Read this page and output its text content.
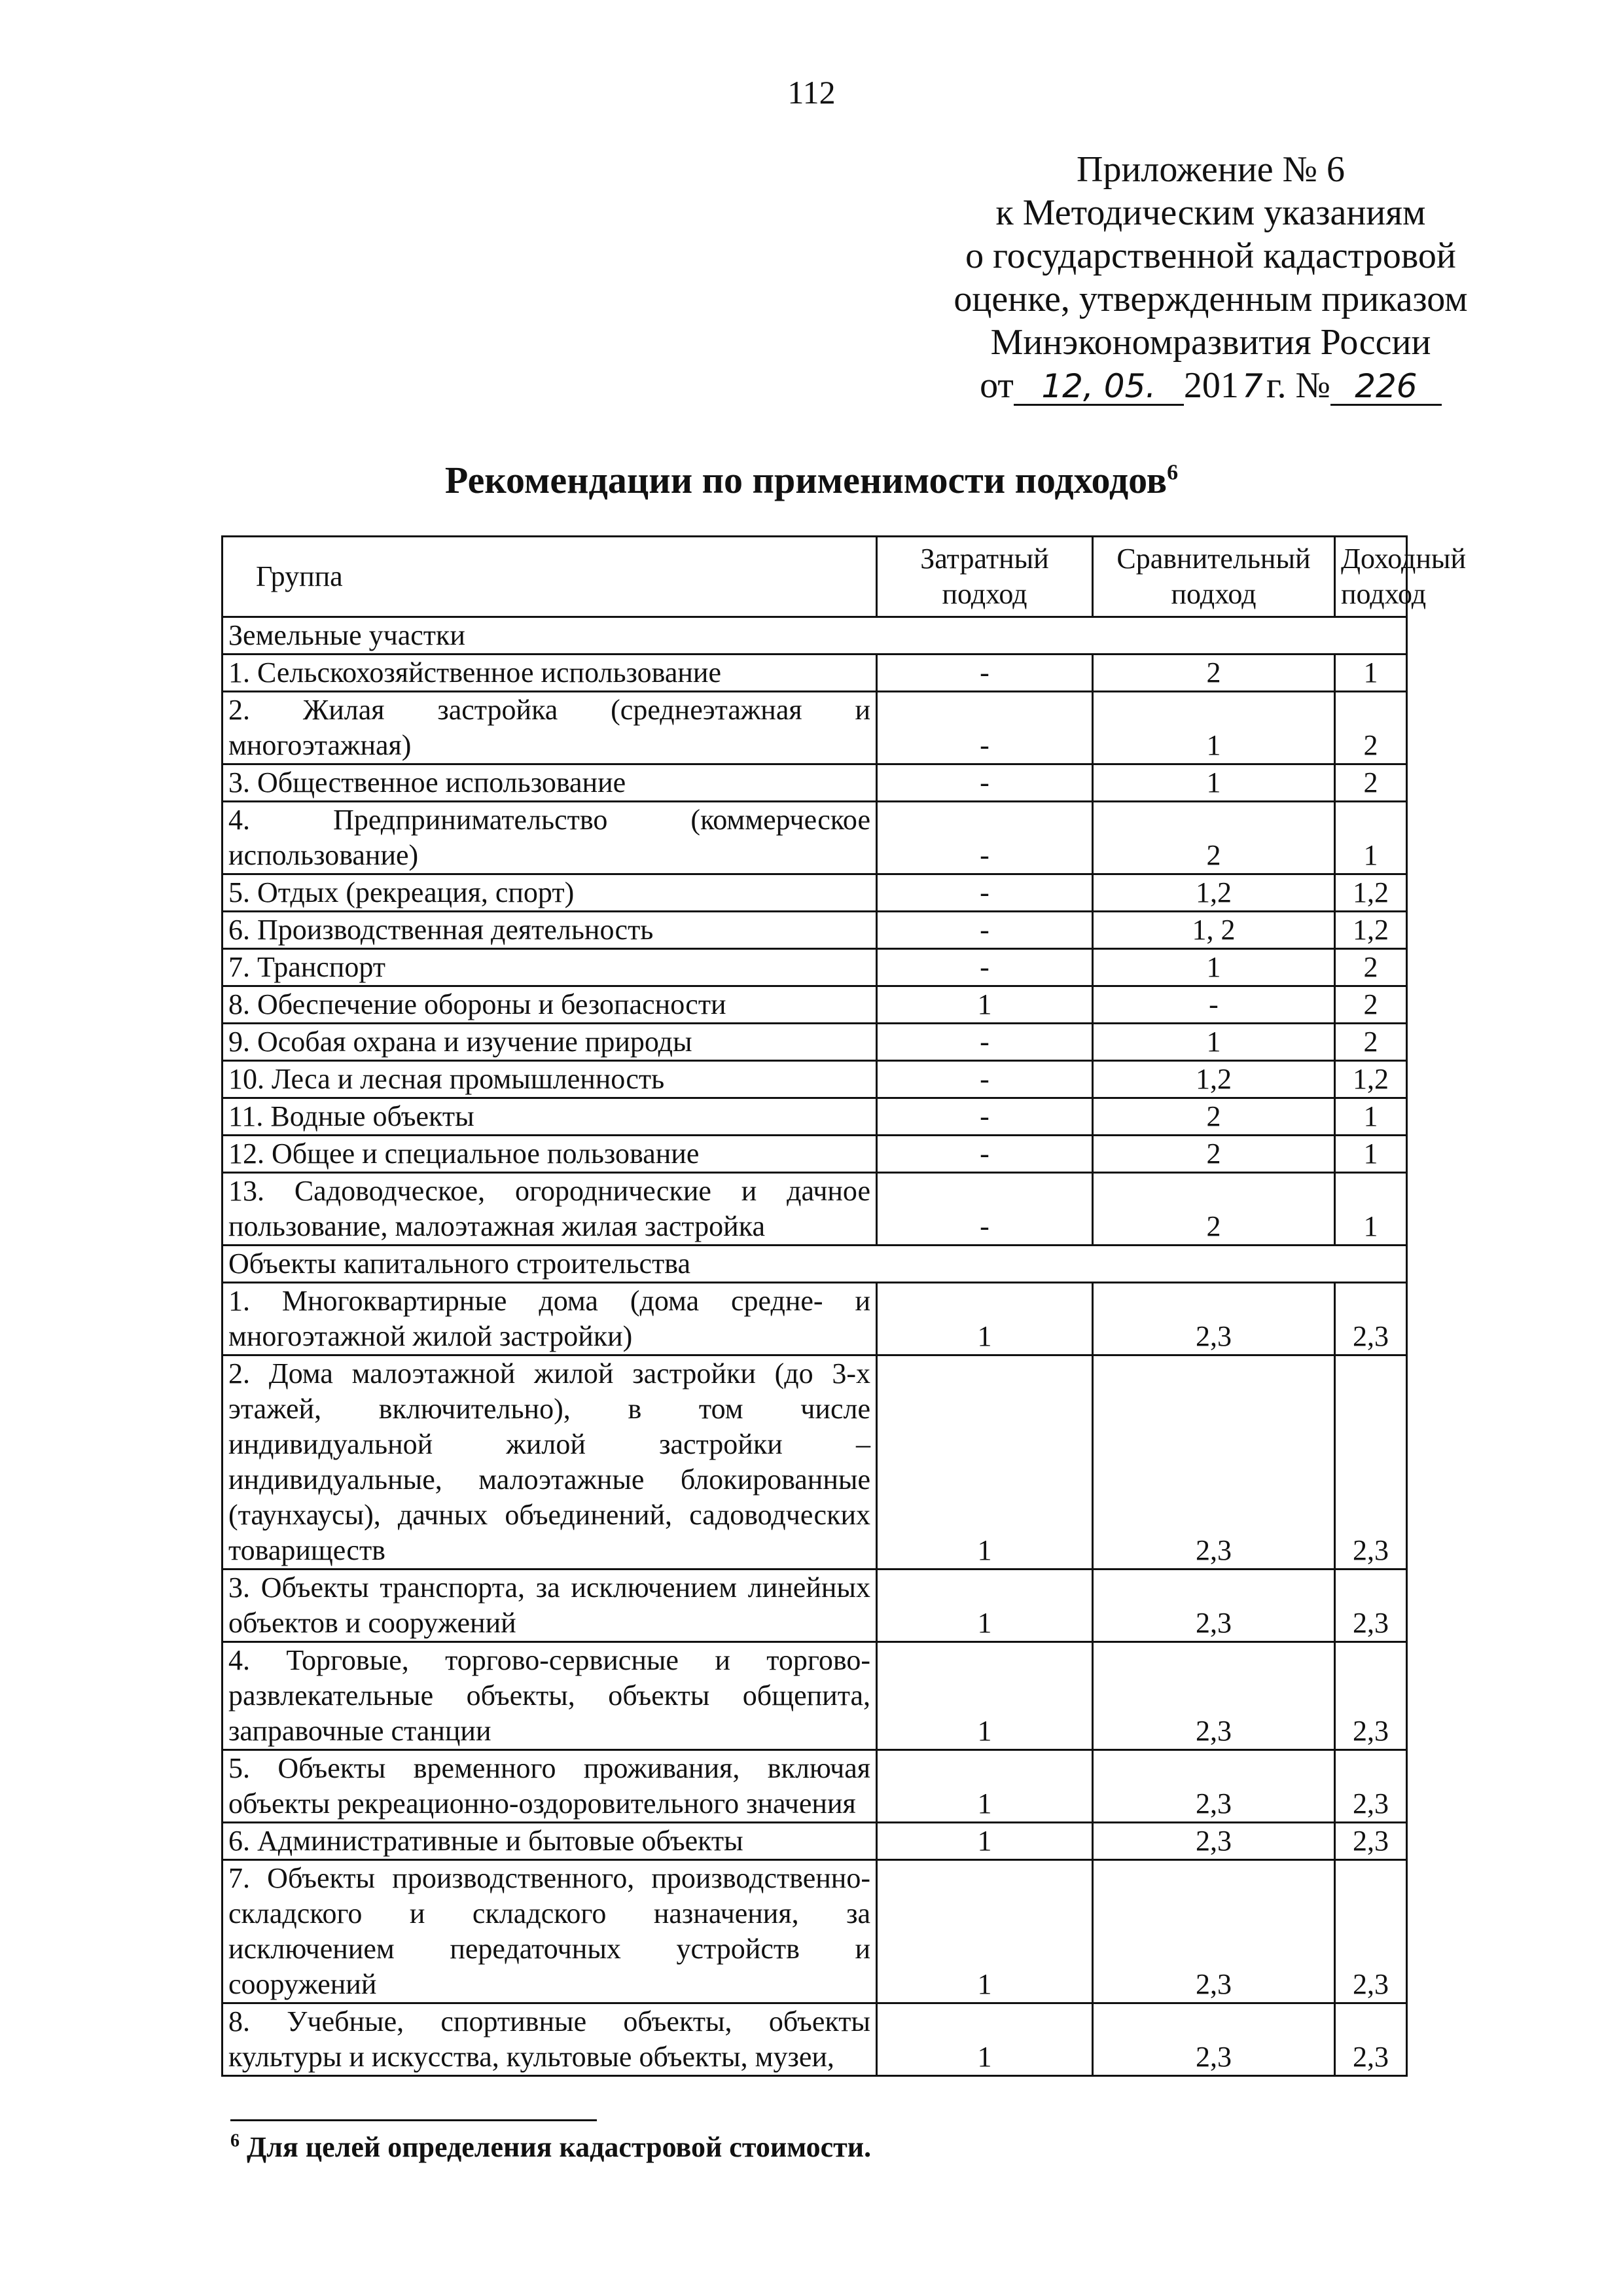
112
Приложение № 6
к Методическим указаниям
о государственной кадастровой
оценке, утвержденным приказом
Минэкономразвития России
от 12, 05. 201 7г. № 226
Рекомендации по применимости подходов$^6$
Группа	Затратный подход	Сравнительный подход	Доходный подход
Земельные участки			
1. Сельскохозяйственное использование	-	2	1
2. Жилая застройка (среднеэтажная и многоэтажная)	-	1	2
3. Общественное использование	-	1	2
4. Предпринимательство (коммерческое использование)	-	2	1
5. Отдых (рекреация, спорт)	-	1,2	1,2
6. Производственная деятельность	-	1, 2	1,2
7. Транспорт	-	1	2
8. Обеспечение обороны и безопасности	1	-	2
9. Особая охрана и изучение природы	-	1	2
10. Леса и лесная промышленность	-	1,2	1,2
11. Водные объекты	-	2	1
12. Общее и специальное пользование	-	2	1
13. Садоводческое, огороднические и дачное пользование, малоэтажная жилая застройка	-	2	1
Объекты капитального строительства			
1. Многоквартирные дома (дома средне- и многоэтажной жилой застройки)	1	2,3	2,3
2. Дома малоэтажной жилой застройки (до 3-х этажей, включительно), в том числе индивидуальной жилой застройки – индивидуальные, малоэтажные блокированные (таунхаусы), дачных объединений, садоводческих товариществ	1	2,3	2,3
3. Объекты транспорта, за исключением линейных объектов и сооружений	1	2,3	2,3
4. Торговые, торгово-сервисные и торгово-развлекательные объекты, объекты общепита, заправочные станции	1	2,3	2,3
5. Объекты временного проживания, включая объекты рекреационно-оздоровительного значения	1	2,3	2,3
6. Административные и бытовые объекты	1	2,3	2,3
7. Объекты производственного, производственно-складского и складского назначения, за исключением передаточных устройств и сооружений	1	2,3	2,3
8. Учебные, спортивные объекты, объекты культуры и искусства, культовые объекты, музеи,	1	2,3	2,3
$^6$ Для целей определения кадастровой стоимости.
